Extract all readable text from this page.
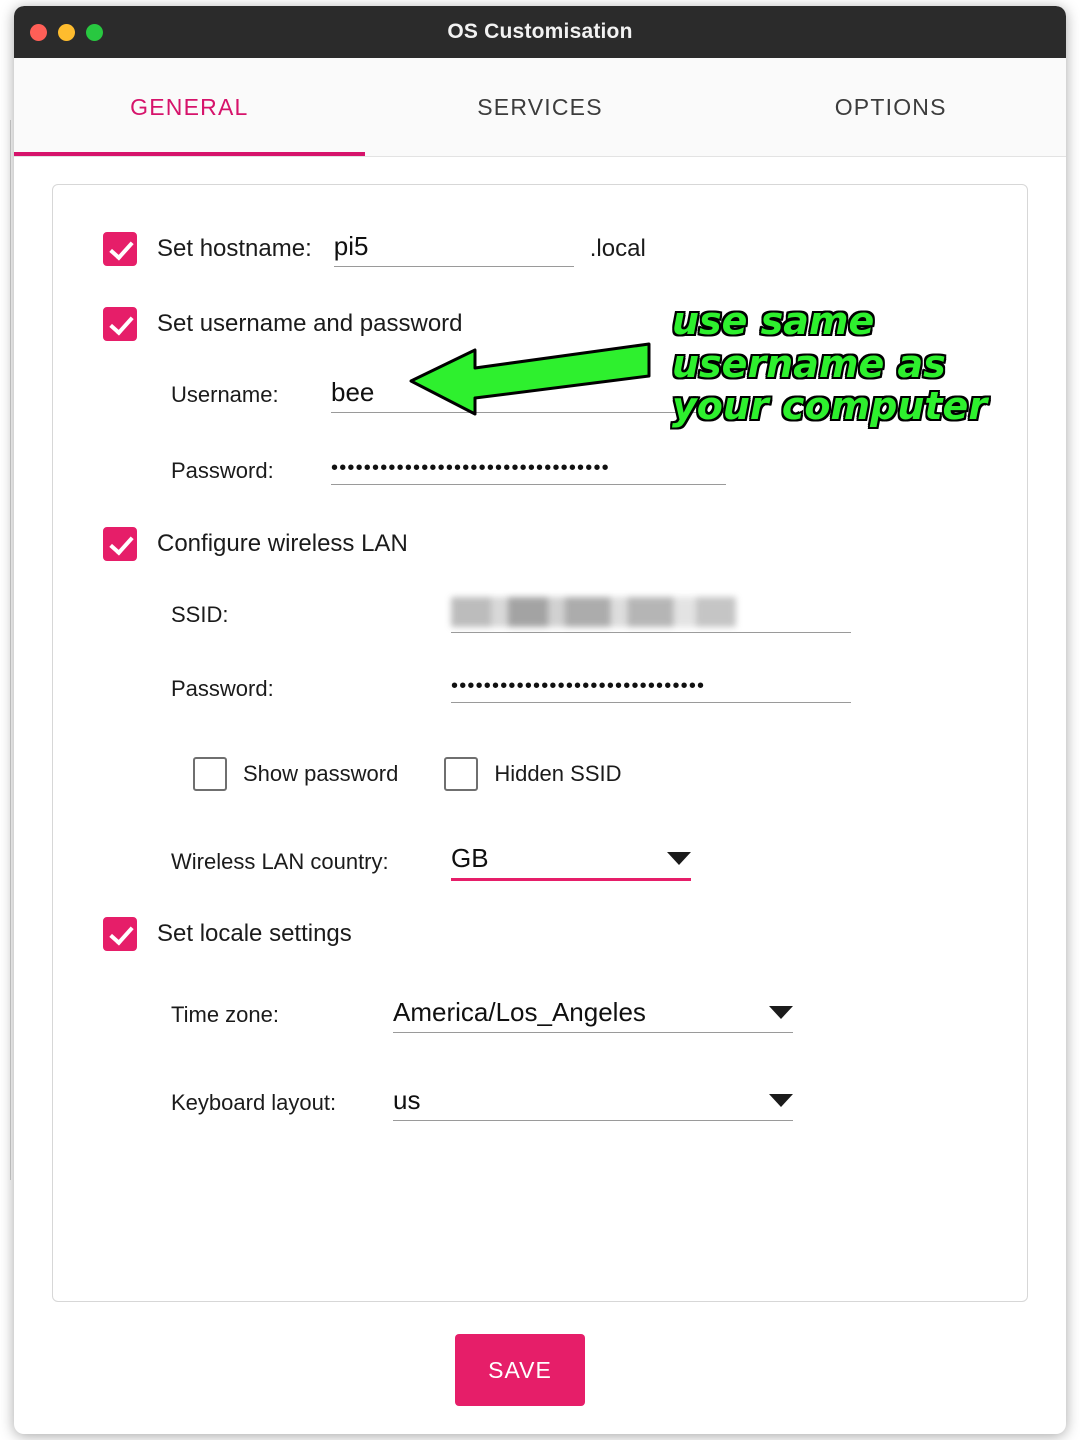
OS Customisation
GENERAL	SERVICES	OPTIONS
Set hostname: pi5	.local
Set username and password
Username:	bee
Password:	••••••••••••••••••••••••••••••••••
Configure wireless LAN
SSID:
Password:	•••••••••••••••••••••••••••••••
Show password	Hidden SSID
Wireless LAN country:	GB
Set locale settings
Time zone:	America/Los_Angeles
Keyboard layout:	us
SAVE
use same username as your computer
